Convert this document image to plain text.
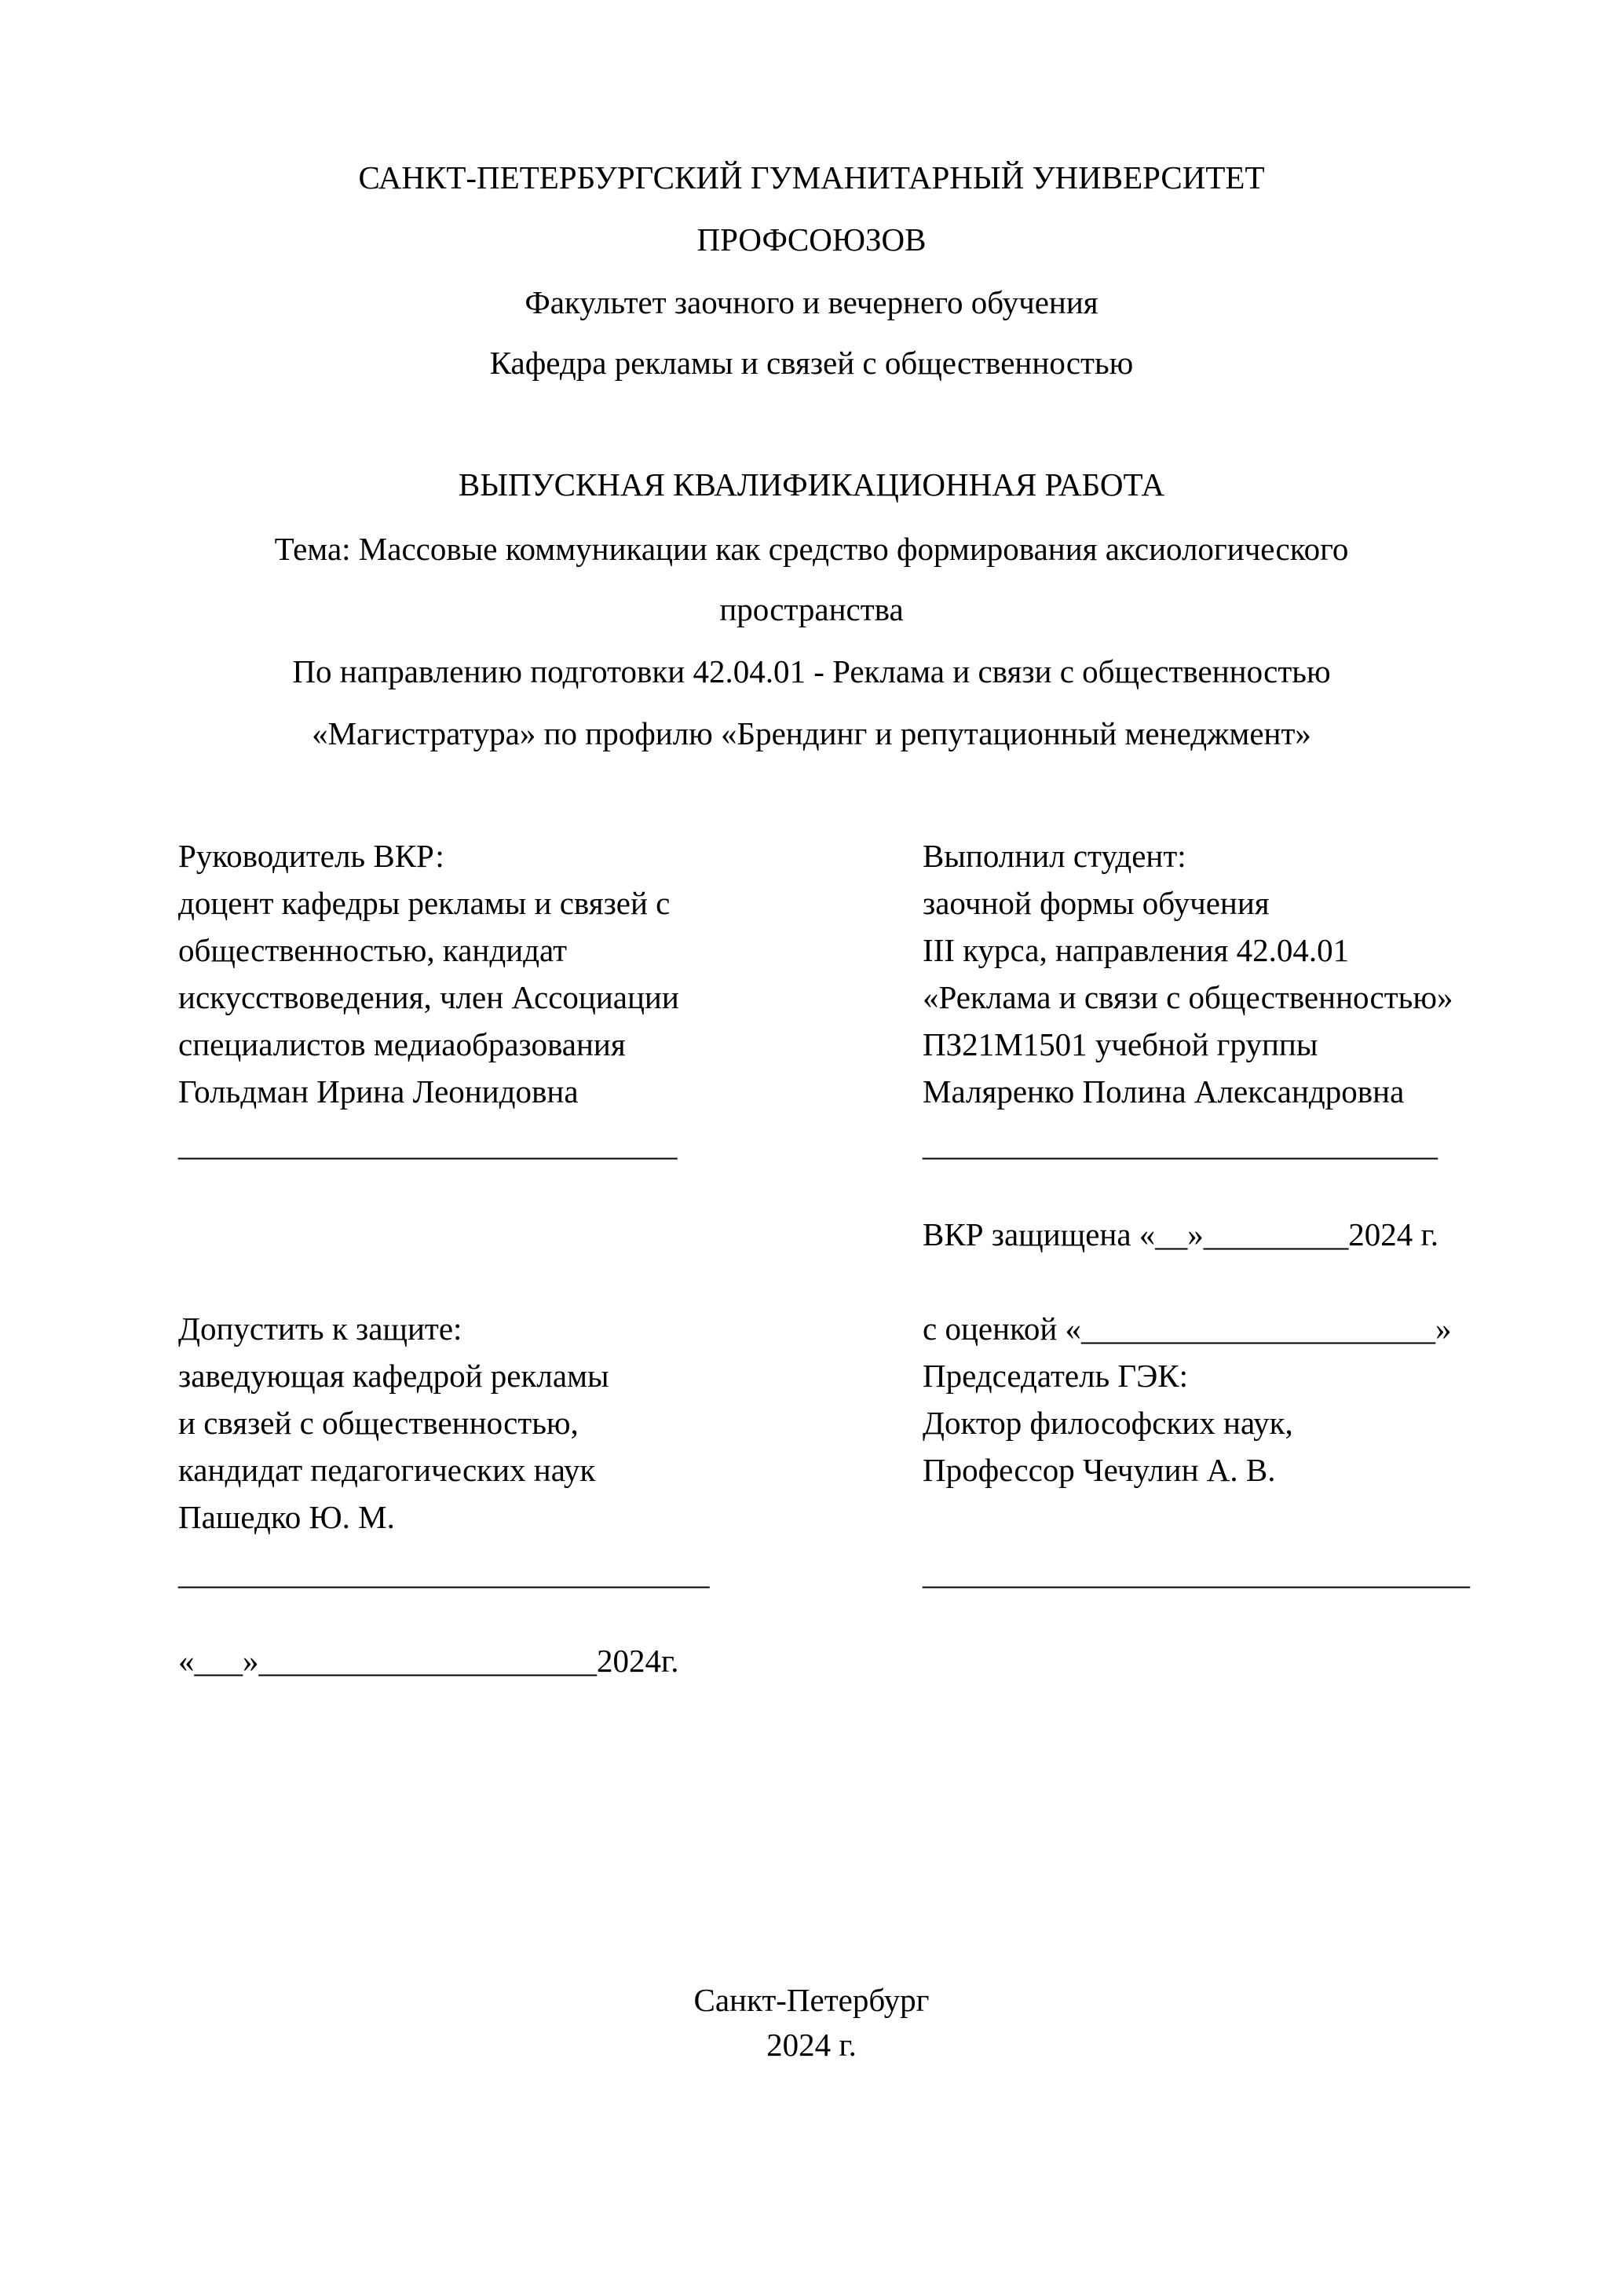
САНКТ-ПЕТЕРБУРГСКИЙ ГУМАНИТАРНЫЙ УНИВЕРСИТЕТ
ПРОФСОЮЗОВ
Факультет заочного и вечернего обучения
Кафедра рекламы и связей с общественностью
ВЫПУСКНАЯ КВАЛИФИКАЦИОННАЯ РАБОТА
Тема: Массовые коммуникации как средство формирования аксиологического
пространства
По направлению подготовки 42.04.01 - Реклама и связи с общественностью
«Магистратура» по профилю «Брендинг и репутационный менеджмент»
Руководитель ВКР:
доцент кафедры рекламы и связей с
общественностью, кандидат
искусствоведения, член Ассоциации
специалистов медиаобразования
Гольдман Ирина Леонидовна
_______________________________
Выполнил студент:
заочной формы обучения
III курса, направления 42.04.01
«Реклама и связи с общественностью»
ПЗ21М1501 учебной группы
Маляренко Полина Александровна
________________________________
ВКР защищена «__»_________2024 г.
Допустить к защите:
заведующая кафедрой рекламы
и связей с общественностью,
кандидат педагогических наук
Пашедко Ю. М.
_________________________________
«___»_____________________2024г.
с оценкой «______________________»
Председатель ГЭК:
Доктор философских наук,
Профессор Чечулин А. В.
__________________________________
Санкт-Петербург
2024 г.
